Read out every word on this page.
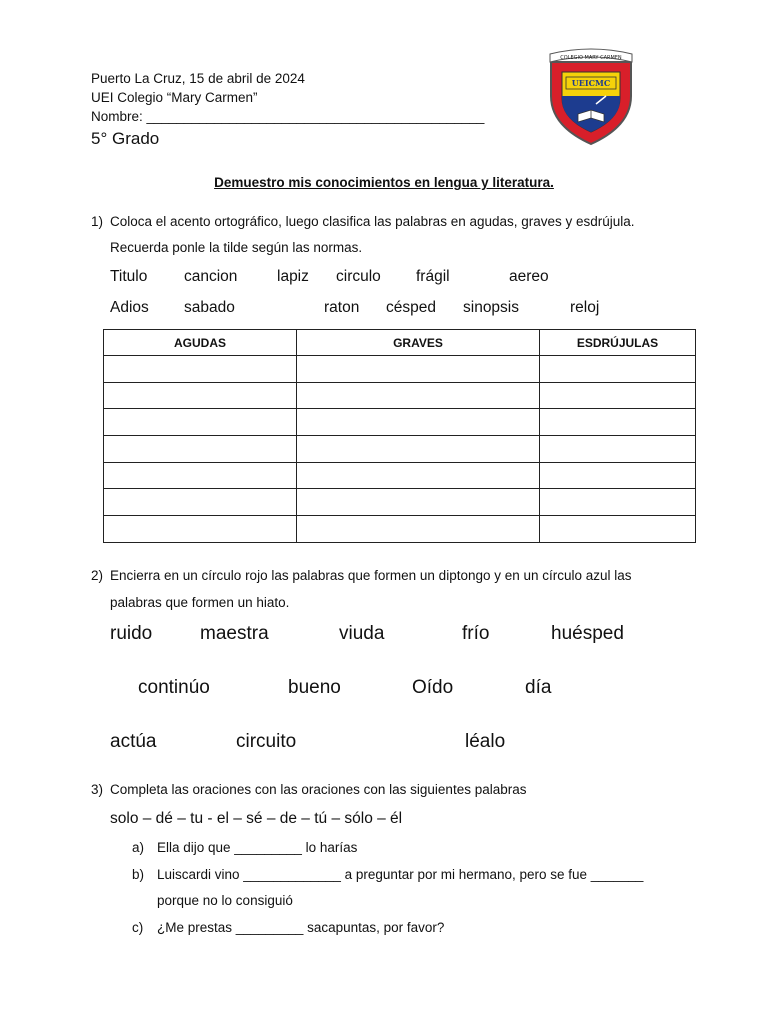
Puerto La Cruz, 15 de abril de 2024
UEI Colegio “Mary Carmen”
Nombre: _____________________________________________
5° Grado
UEICMC
COLEGIO MARY CARMEN
Demuestro mis conocimientos en lengua y literatura.
1) Coloca el acento ortográfico, luego clasifica las palabras en agudas, graves y esdrújula.
Recuerda ponle la tilde según las normas.
Titulo cancion	lapiz circulo frágil	aereo
Adios sabado	raton césped sinopsis	reloj
AGUDAS	GRAVES	ESDRÚJULAS

2) Encierra en un círculo rojo las palabras que formen un diptongo y en un círculo azul las
palabras que formen un hiato.
ruido	maestra	viuda	frío	huésped
continúo	bueno	Oído	día
actúa	circuito	léalo
3) Completa las oraciones con las oraciones con las siguientes palabras
solo – dé – tu - el – sé – de – tú – sólo – él
a) Ella dijo que _________ lo harías
b) Luiscardi vino _____________ a preguntar por mi hermano, pero se fue _______
porque no lo consiguió
c) ¿Me prestas _________ sacapuntas, por favor?
